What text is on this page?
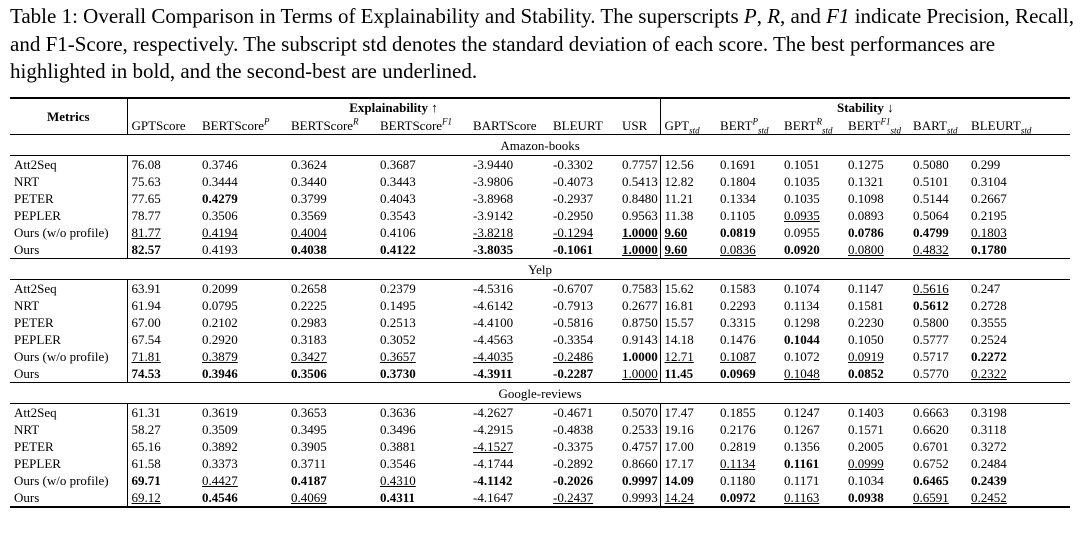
Table 1: Overall Comparison in Terms of Explainability and Stability. The superscripts P, R, and F1 indicate Precision, Recall, and F1-Score, respectively. The subscript std denotes the standard deviation of each score. The best performances are highlighted in bold, and the second-best are underlined.
Metrics	Explainability ↑							Stability ↓					
	GPTScore	BERTScore$^P$	BERTScore$^R$	BERTScore$^{F1}$	BARTScore	BLEURT	USR	$GPT_{std}$	$BERT^P_{std}$	$BERT^R_{std}$	$BERT^{F1}_{std}$	$BART_{std}$	$BLEURT_{std}$
Amazon-books													
Att2Seq	76.08	0.3746	0.3624	0.3687	-3.9440	-0.3302	0.7757	12.56	0.1691	0.1051	0.1275	0.5080	0.299
NRT	75.63	0.3444	0.3440	0.3443	-3.9806	-0.4073	0.5413	12.82	0.1804	0.1035	0.1321	0.5101	0.3104
PETER	77.65	0.4279	0.3799	0.4043	-3.8968	-0.2937	0.8480	11.21	0.1334	0.1035	0.1098	0.5144	0.2667
PEPLER	78.77	0.3506	0.3569	0.3543	-3.9142	-0.2950	0.9563	11.38	0.1105	0.0935	0.0893	0.5064	0.2195
Ours (w/o profile)	81.77	0.4194	0.4004	0.4106	-3.8218	-0.1294	1.0000	9.60	0.0819	0.0955	0.0786	0.4799	0.1803
Ours	82.57	0.4193	0.4038	0.4122	-3.8035	-0.1061	1.0000	9.60	0.0836	0.0920	0.0800	0.4832	0.1780
Yelp													
Att2Seq	63.91	0.2099	0.2658	0.2379	-4.5316	-0.6707	0.7583	15.62	0.1583	0.1074	0.1147	0.5616	0.247
NRT	61.94	0.0795	0.2225	0.1495	-4.6142	-0.7913	0.2677	16.81	0.2293	0.1134	0.1581	0.5612	0.2728
PETER	67.00	0.2102	0.2983	0.2513	-4.4100	-0.5816	0.8750	15.57	0.3315	0.1298	0.2230	0.5800	0.3555
PEPLER	67.54	0.2920	0.3183	0.3052	-4.4563	-0.3354	0.9143	14.18	0.1476	0.1044	0.1050	0.5777	0.2524
Ours (w/o profile)	71.81	0.3879	0.3427	0.3657	-4.4035	-0.2486	1.0000	12.71	0.1087	0.1072	0.0919	0.5717	0.2272
Ours	74.53	0.3946	0.3506	0.3730	-4.3911	-0.2287	1.0000	11.45	0.0969	0.1048	0.0852	0.5770	0.2322
Google-reviews													
Att2Seq	61.31	0.3619	0.3653	0.3636	-4.2627	-0.4671	0.5070	17.47	0.1855	0.1247	0.1403	0.6663	0.3198
NRT	58.27	0.3509	0.3495	0.3496	-4.2915	-0.4838	0.2533	19.16	0.2176	0.1267	0.1571	0.6620	0.3118
PETER	65.16	0.3892	0.3905	0.3881	-4.1527	-0.3375	0.4757	17.00	0.2819	0.1356	0.2005	0.6701	0.3272
PEPLER	61.58	0.3373	0.3711	0.3546	-4.1744	-0.2892	0.8660	17.17	0.1134	0.1161	0.0999	0.6752	0.2484
Ours (w/o profile)	69.71	0.4427	0.4187	0.4310	-4.1142	-0.2026	0.9997	14.09	0.1180	0.1171	0.1034	0.6465	0.2439
Ours	69.12	0.4546	0.4069	0.4311	-4.1647	-0.2437	0.9993	14.24	0.0972	0.1163	0.0938	0.6591	0.2452
